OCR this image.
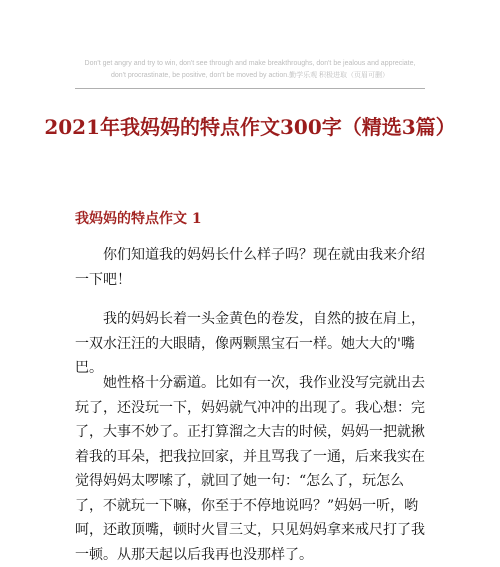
Don't get angry and try to win, don't see through and make breakthroughs, don't be jealous and appreciate,
don't procrastinate, be positive, don't be moved by action.勤学乐观 积极进取（页眉可删）
2021年我妈妈的特点作文300字（精选3篇）
我妈妈的特点作文 1

你们知道我的妈妈长什么样子吗？现在就由我来介绍一下吧！

我的妈妈长着一头金黄色的卷发，自然的披在肩上，一双水汪汪的大眼睛，像两颗黑宝石一样。她大大的'嘴巴。

她性格十分霸道。比如有一次，我作业没写完就出去玩了，还没玩一下，妈妈就气冲冲的出现了。我心想：完了，大事不妙了。正打算溜之大吉的时候，妈妈一把就揪着我的耳朵，把我拉回家，并且骂我了一通，后来我实在觉得妈妈太啰嗦了，就回了她一句：“怎么了，玩怎么了，不就玩一下嘛，你至于不停地说吗？”妈妈一听，哟呵，还敢顶嘴，顿时火冒三丈，只见妈妈拿来戒尺打了我一顿。从那天起以后我再也没那样了。
